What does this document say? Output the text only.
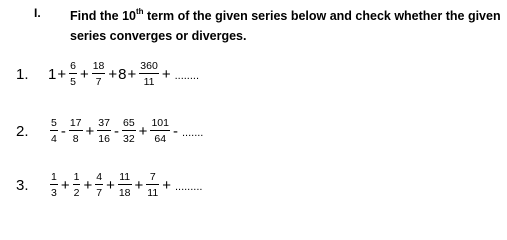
I. Find the 10th term of the given series below and check whether the given series converges or diverges.
1.	$1 + \frac{6}{5} + \frac{18}{7} + 8 + \frac{360}{11}$ + ........
2.	$\frac{5}{4} - \frac{17}{8} + \frac{37}{16} - \frac{65}{32} + \frac{101}{64}$ - .......
3.	$\frac{1}{3} + \frac{1}{2} + \frac{4}{7} + \frac{11}{18} + \frac{7}{11}$ + .........
